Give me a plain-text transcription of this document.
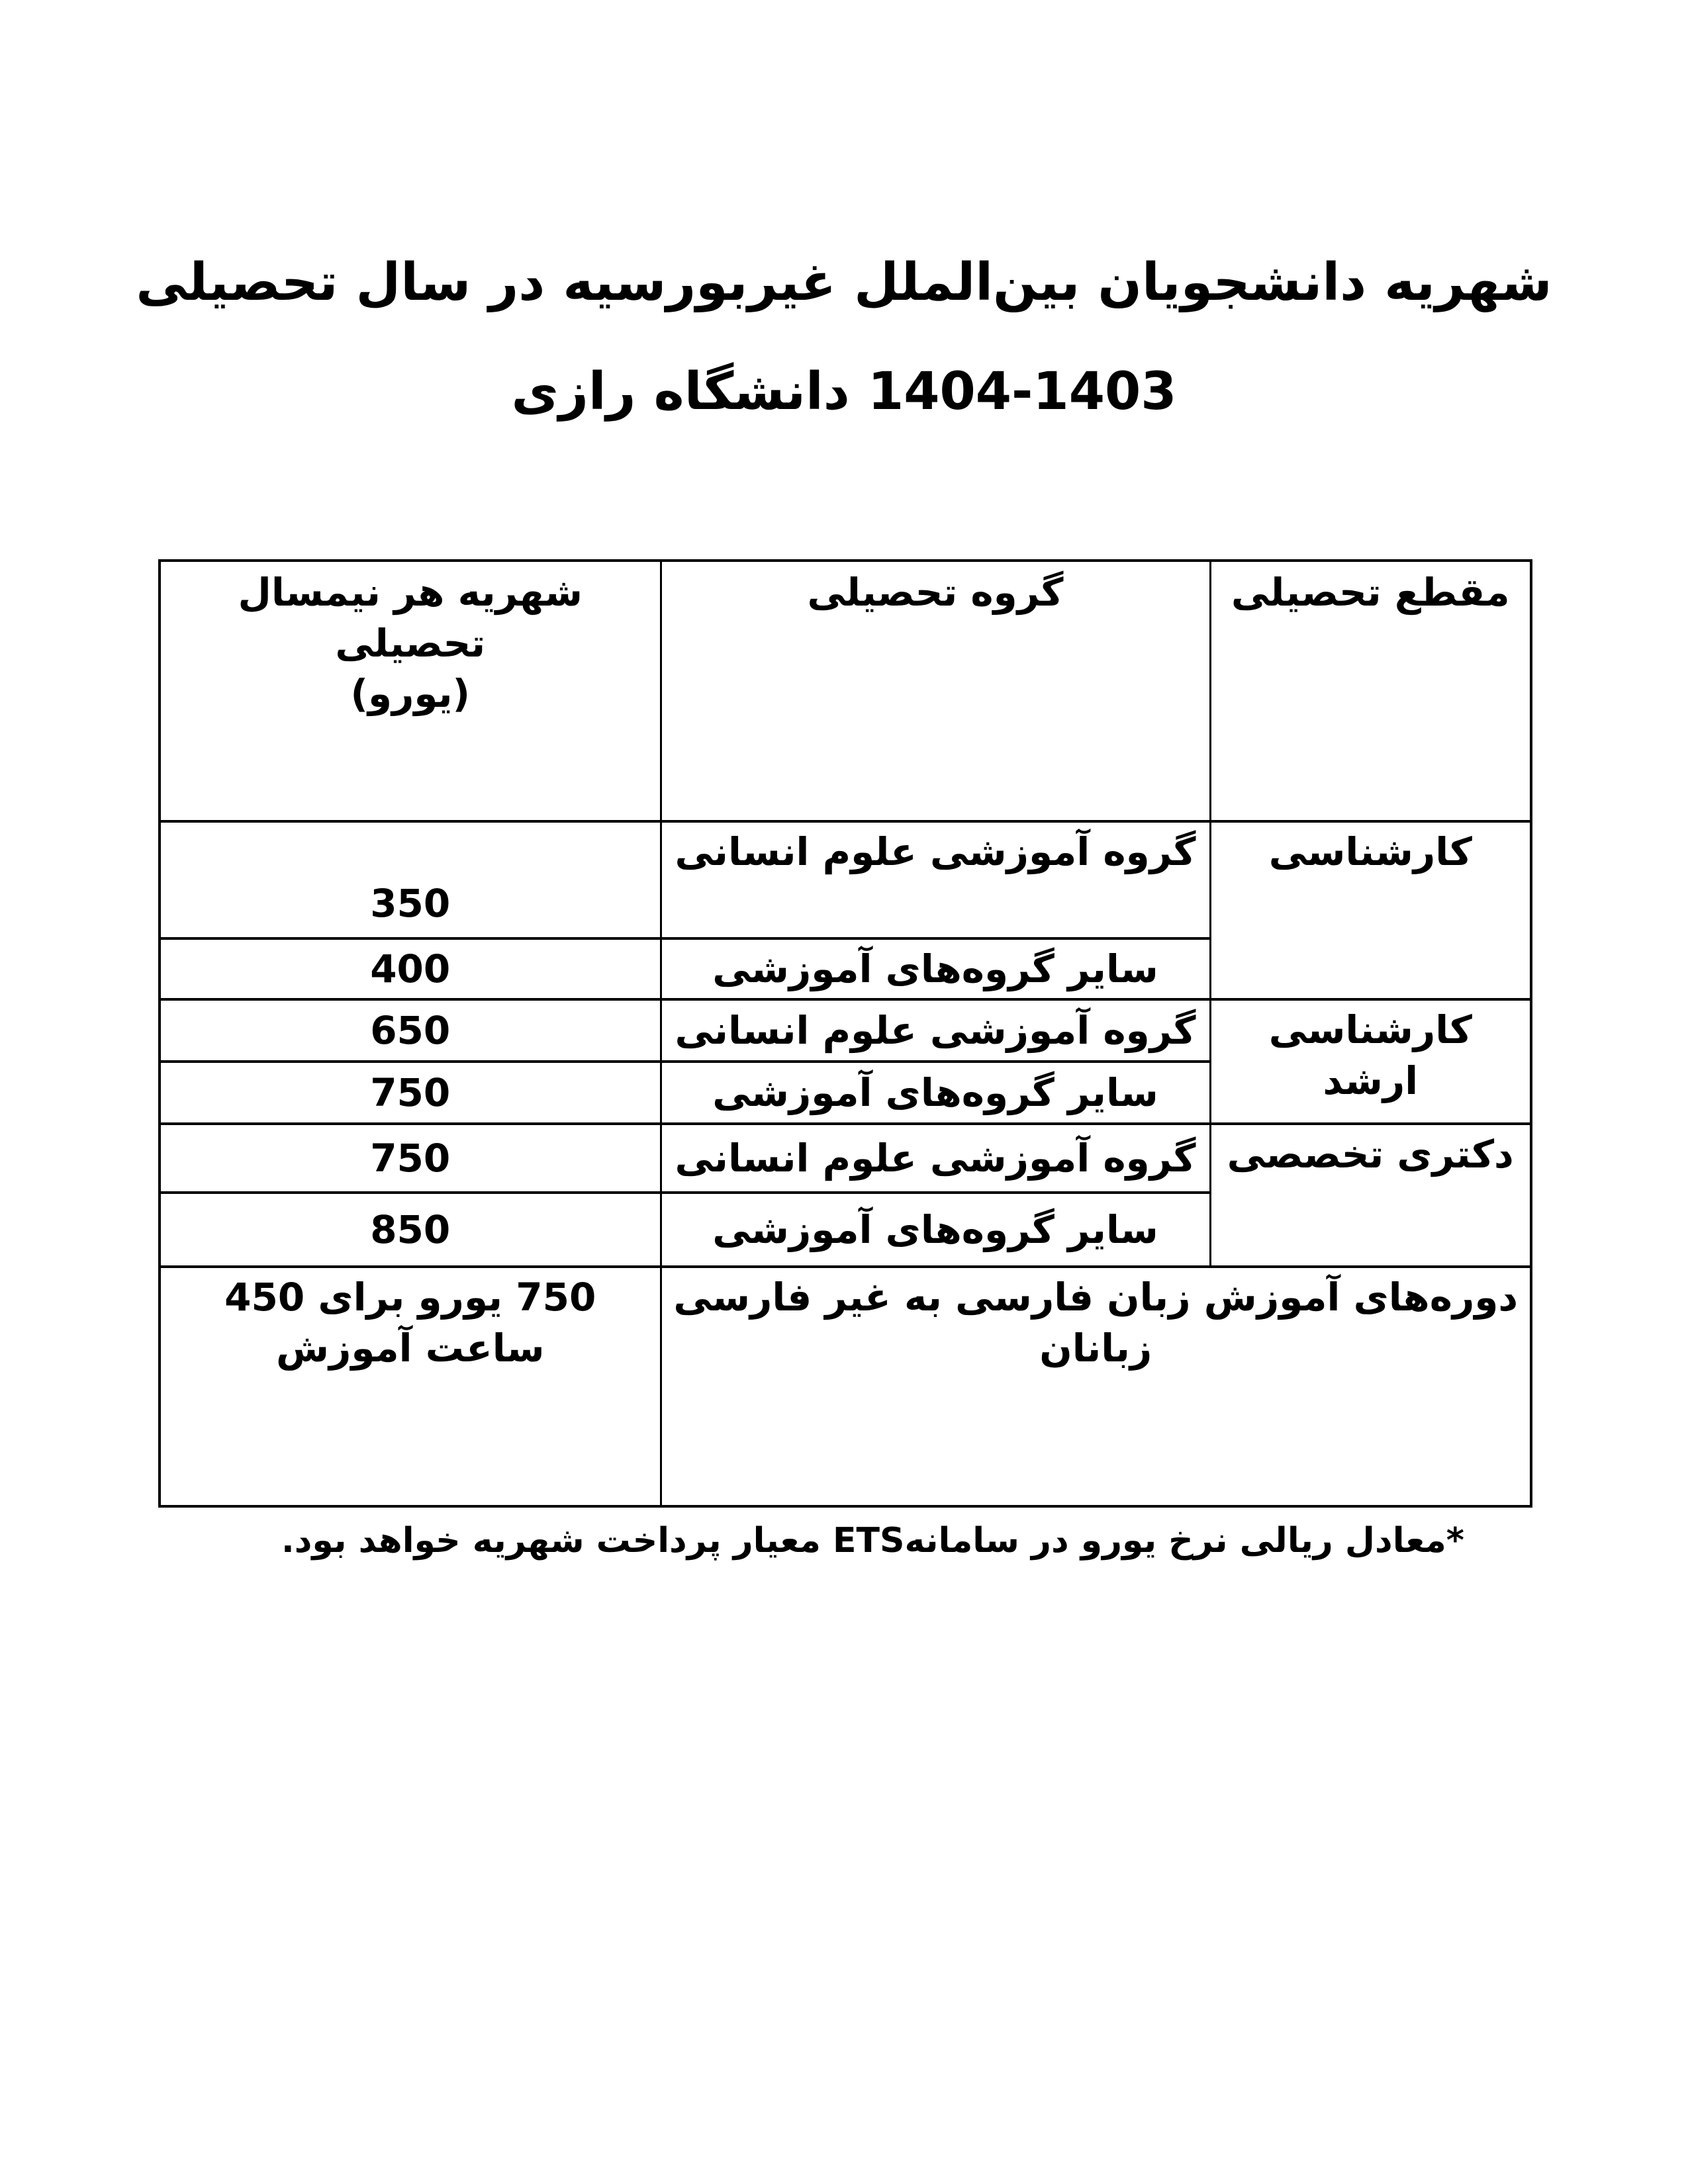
شهریه دانشجویان بین‌الملل غیربورسیه در سال تحصیلی
1404-1403 دانشگاه رازی
مقطع تحصیلی	گروه تحصیلی	شهریه هر نیمسال تحصیلی
(یورو)

کارشناسی	گروه آموزشی علوم انسانی	350
	سایر گروه‌های آموزشی	400
کارشناسی ارشد	گروه آموزشی علوم انسانی	650
	سایر گروه‌های آموزشی	750
دکتری تخصصی	گروه آموزشی علوم انسانی	750
	سایر گروه‌های آموزشی	850
دوره‌های آموزش زبان فارسی به غیر فارسی زبانان		750 یورو برای 450 ساعت آموزش
*معادل ریالی نرخ یورو در سامانهETS معیار پرداخت شهریه خواهد بود.
